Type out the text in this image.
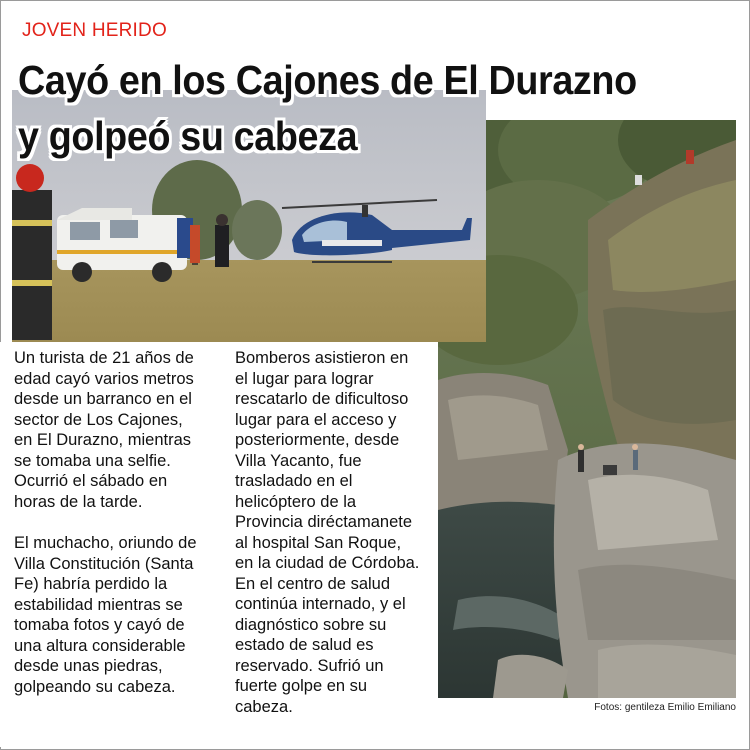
JOVEN HERIDO
Cayó en los Cajones de El Durazno
y golpeó su cabeza

Un turista de 21 años de
edad cayó varios metros
desde un barranco en el
sector de Los Cajones,
en El Durazno, mientras
se tomaba una selfie.
Ocurrió el sábado en
horas de la tarde.

El muchacho, oriundo de
Villa Constitución (Santa
Fe) habría perdido la
estabilidad mientras se
tomaba fotos y cayó de
una altura considerable
desde unas piedras,
golpeando su cabeza.

Bomberos asistieron en
el lugar para lograr
rescatarlo de dificultoso
lugar para el acceso y
posteriormente, desde
Villa Yacanto, fue
trasladado en el
helicóptero de la
Provincia diréctamanete
al hospital San Roque,
en la ciudad de Córdoba.
En el centro de salud
continúa internado, y el
diagnóstico sobre su
estado de salud es
reservado. Sufrió un
fuerte golpe en su
cabeza.	Fotos: gentileza Emilio Emiliano
